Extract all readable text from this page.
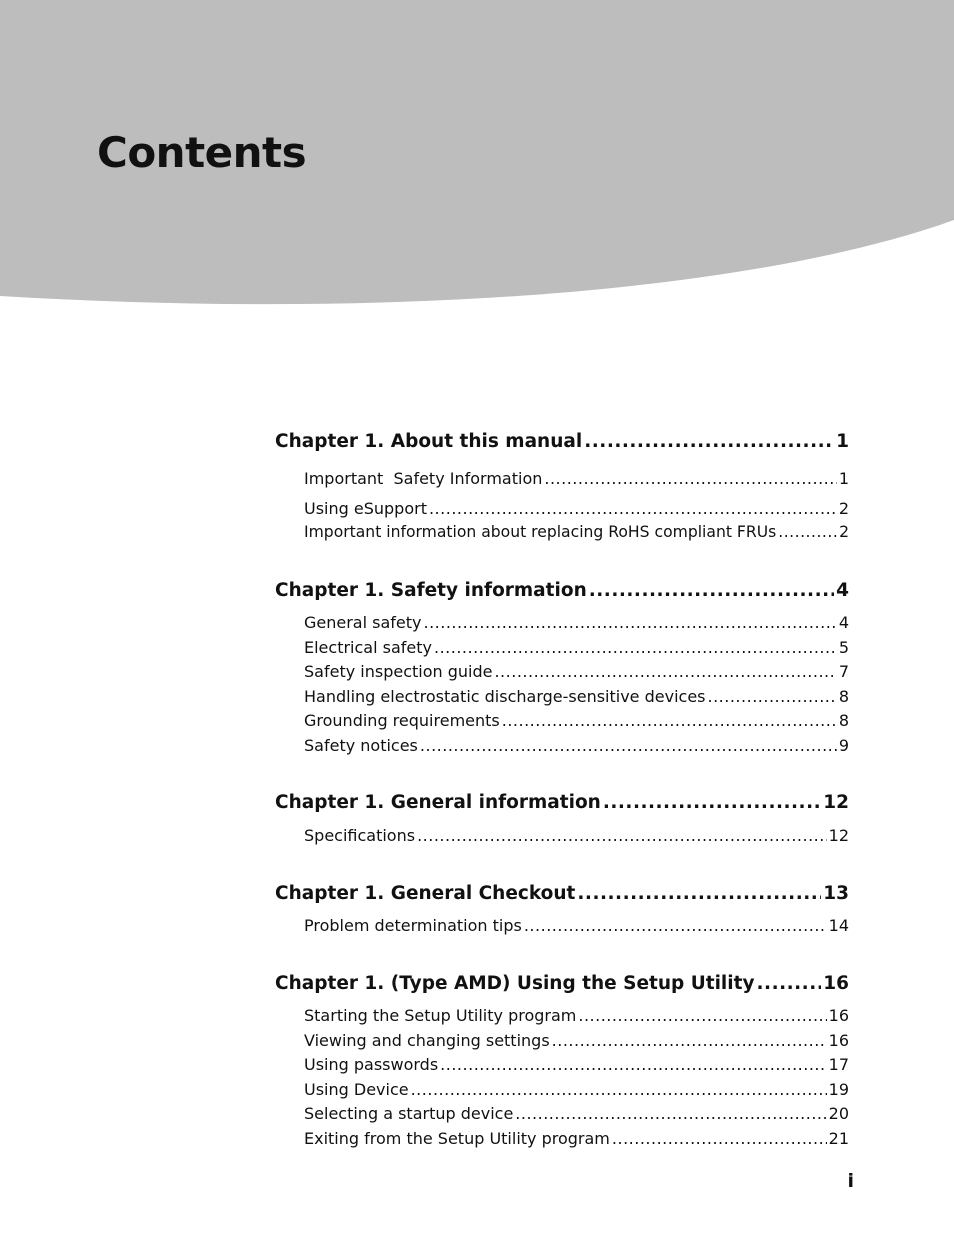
Contents
Chapter 1. About this manual .....	1
Important  Safety Information .....	1
Using eSupport .....	2
Important information about replacing RoHS compliant FRUs .....	2
Chapter 1. Safety information .....	4
General safety .....	4
Electrical safety .....	5
Safety inspection guide .....	7
Handling electrostatic discharge-sensitive devices .....	8
Grounding requirements .....	8
Safety notices .....	9
Chapter 1. General information .....	12
Specifications .....	12
Chapter 1. General Checkout .....	13
Problem determination tips .....	14
Chapter 1. (Type AMD) Using the Setup Utility .....	16
Starting the Setup Utility program .....	16
Viewing and changing settings .....	16
Using passwords .....	17
Using Device .....	19
Selecting a startup device .....	20
Exiting from the Setup Utility program .....	21
i
